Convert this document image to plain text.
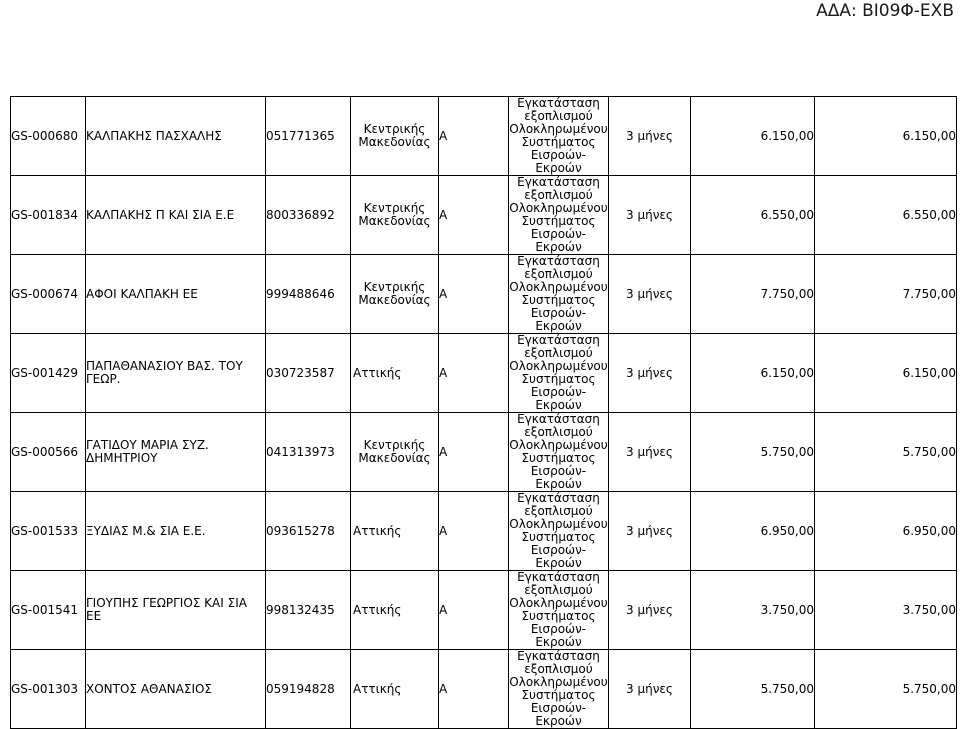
ΑΔΑ: ΒΙ09Φ-ΕΧΒ
GS-000680	ΚΑΛΠΑΚΗΣ ΠΑΣΧΑΛΗΣ	051771365	Κεντρικής Μακεδονίας	Α	Εγκατάσταση εξοπλισμού Ολοκληρωμένου Συστήματος Εισροών- Εκροών	3 μήνες	6.150,00	6.150,00
GS-001834	ΚΑΛΠΑΚΗΣ Π ΚΑΙ ΣΙΑ Ε.Ε	800336892	Κεντρικής Μακεδονίας	Α	Εγκατάσταση εξοπλισμού Ολοκληρωμένου Συστήματος Εισροών- Εκροών	3 μήνες	6.550,00	6.550,00
GS-000674	ΑΦΟΙ ΚΑΛΠΑΚΗ ΕΕ	999488646	Κεντρικής Μακεδονίας	Α	Εγκατάσταση εξοπλισμού Ολοκληρωμένου Συστήματος Εισροών- Εκροών	3 μήνες	7.750,00	7.750,00
GS-001429	ΠΑΠΑΘΑΝΑΣΙΟΥ ΒΑΣ. ΤΟΥ ΓΕΩΡ.	030723587	Αττικής	Α	Εγκατάσταση εξοπλισμού Ολοκληρωμένου Συστήματος Εισροών- Εκροών	3 μήνες	6.150,00	6.150,00
GS-000566	ΓΑΤΙΔΟΥ ΜΑΡΙΑ ΣΥΖ. ΔΗΜΗΤΡΙΟΥ	041313973	Κεντρικής Μακεδονίας	Α	Εγκατάσταση εξοπλισμού Ολοκληρωμένου Συστήματος Εισροών- Εκροών	3 μήνες	5.750,00	5.750,00
GS-001533	ΞΥΔΙΑΣ Μ.& ΣΙΑ Ε.Ε.	093615278	Αττικής	Α	Εγκατάσταση εξοπλισμού Ολοκληρωμένου Συστήματος Εισροών- Εκροών	3 μήνες	6.950,00	6.950,00
GS-001541	ΓΙΟΥΠΗΣ ΓΕΩΡΓΙΟΣ ΚΑΙ ΣΙΑ ΕΕ	998132435	Αττικής	Α	Εγκατάσταση εξοπλισμού Ολοκληρωμένου Συστήματος Εισροών- Εκροών	3 μήνες	3.750,00	3.750,00
GS-001303	ΧΟΝΤΟΣ ΑΘΑΝΑΣΙΟΣ	059194828	Αττικής	Α	Εγκατάσταση εξοπλισμού Ολοκληρωμένου Συστήματος Εισροών- Εκροών	3 μήνες	5.750,00	5.750,00
